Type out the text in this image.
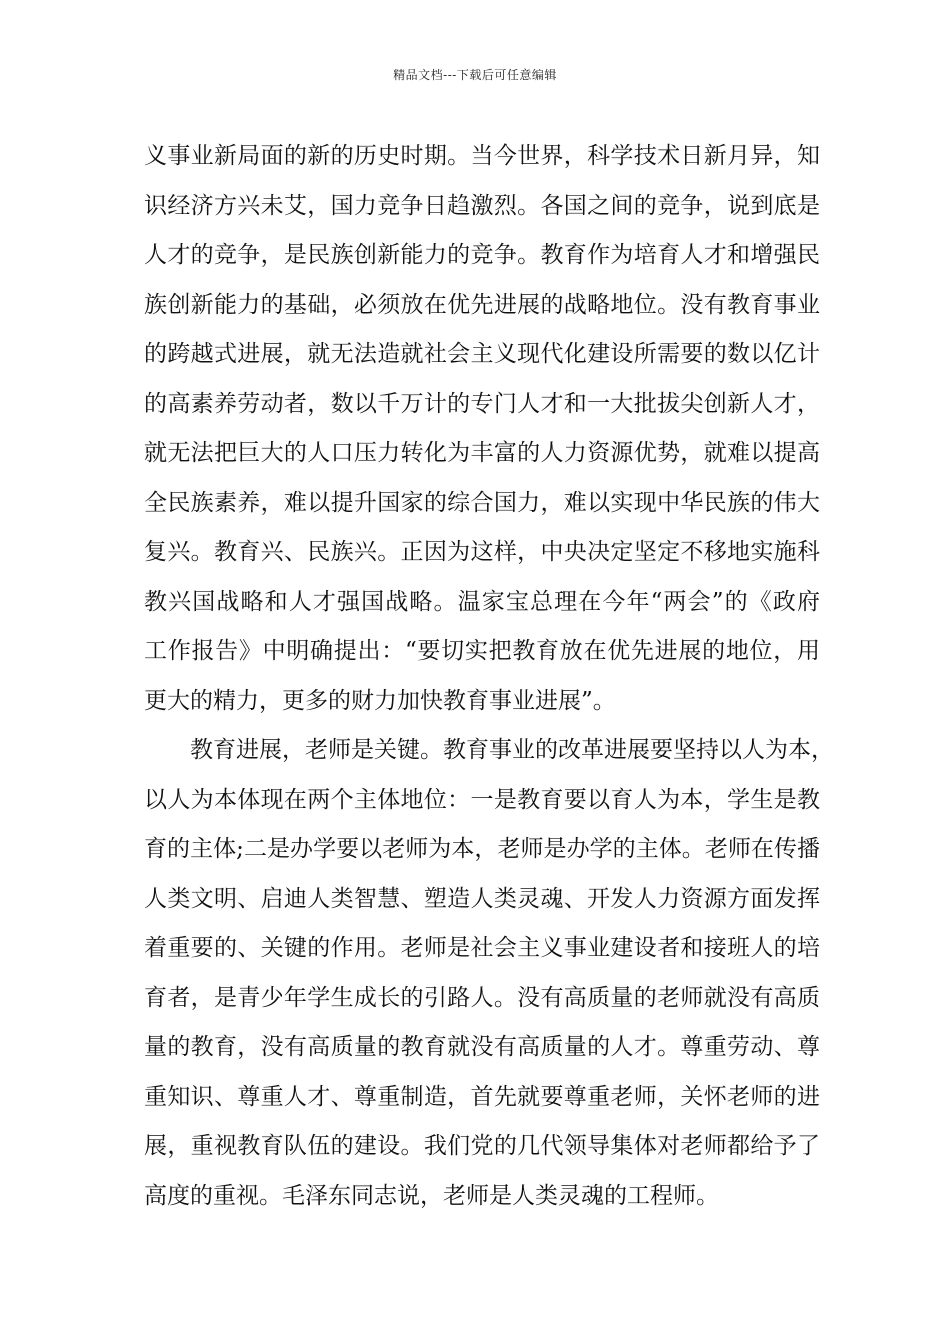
精品文档---下载后可任意编辑
义事业新局面的新的历史时期。当今世界，科学技术日新月异，知
识经济方兴未艾，国力竞争日趋激烈。各国之间的竞争，说到底是
人才的竞争，是民族创新能力的竞争。教育作为培育人才和增强民
族创新能力的基础，必须放在优先进展的战略地位。没有教育事业
的跨越式进展，就无法造就社会主义现代化建设所需要的数以亿计
的高素养劳动者，数以千万计的专门人才和一大批拔尖创新人才，
就无法把巨大的人口压力转化为丰富的人力资源优势，就难以提高
全民族素养，难以提升国家的综合国力，难以实现中华民族的伟大
复兴。教育兴、民族兴。正因为这样，中央决定坚定不移地实施科
教兴国战略和人才强国战略。温家宝总理在今年“两会”的《政府
工作报告》中明确提出：“要切实把教育放在优先进展的地位，用
更大的精力，更多的财力加快教育事业进展”。
教育进展，老师是关键。教育事业的改革进展要坚持以人为本，
以人为本体现在两个主体地位：一是教育要以育人为本，学生是教
育的主体;二是办学要以老师为本，老师是办学的主体。老师在传播
人类文明、启迪人类智慧、塑造人类灵魂、开发人力资源方面发挥
着重要的、关键的作用。老师是社会主义事业建设者和接班人的培
育者，是青少年学生成长的引路人。没有高质量的老师就没有高质
量的教育，没有高质量的教育就没有高质量的人才。尊重劳动、尊
重知识、尊重人才、尊重制造，首先就要尊重老师，关怀老师的进
展，重视教育队伍的建设。我们党的几代领导集体对老师都给予了
高度的重视。毛泽东同志说，老师是人类灵魂的工程师。
